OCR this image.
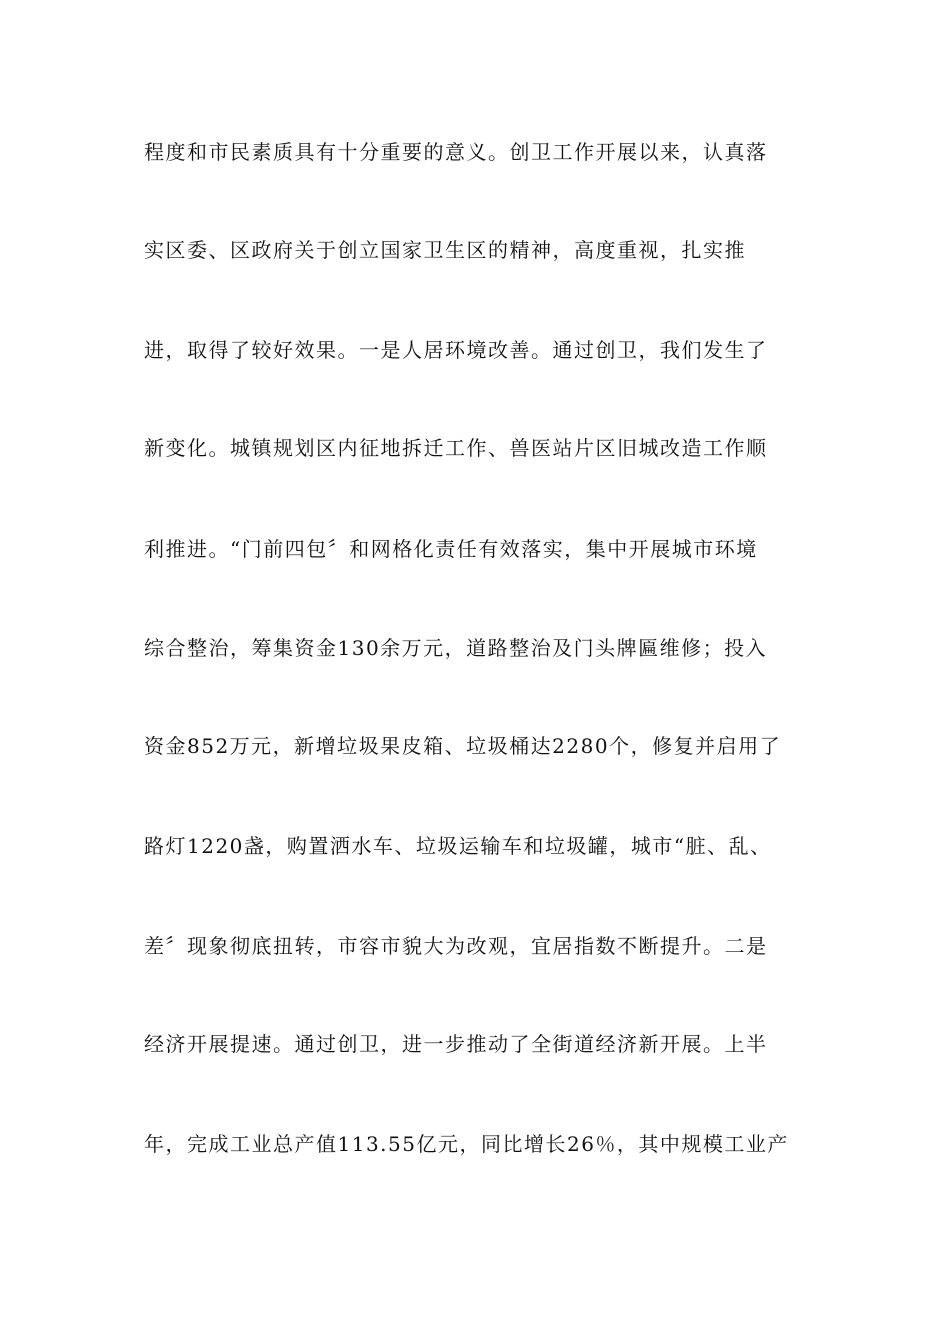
程度和市民素质具有十分重要的意义。创卫工作开展以来，认真落

实区委、区政府关于创立国家卫生区的精神，高度重视，扎实推

进，取得了较好效果。一是人居环境改善。通过创卫，我们发生了

新变化。城镇规划区内征地拆迁工作、兽医站片区旧城改造工作顺

利推进。“门前四包〞和网格化责任有效落实，集中开展城市环境

综合整治，筹集资金130余万元，道路整治及门头牌匾维修；投入

资金852万元，新增垃圾果皮箱、垃圾桶达2280个，修复并启用了

路灯1220盏，购置洒水车、垃圾运输车和垃圾罐，城市“脏、乱、

差〞现象彻底扭转，市容市貌大为改观，宜居指数不断提升。二是

经济开展提速。通过创卫，进一步推动了全街道经济新开展。上半

年，完成工业总产值113.55亿元，同比增长26％，其中规模工业产
